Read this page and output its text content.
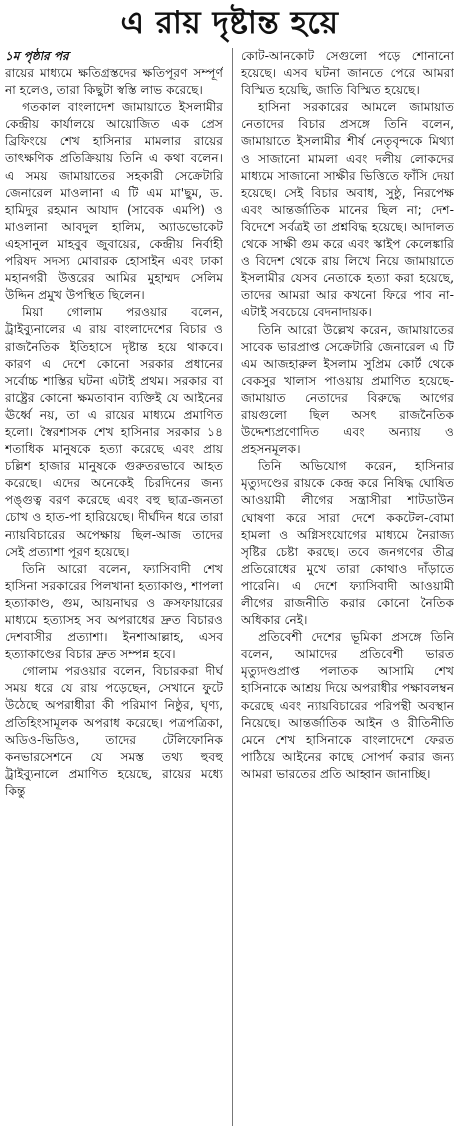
এ রায় দৃষ্টান্ত হয়ে

১ম পৃষ্ঠার পর

রায়ের মাধ্যমে ক্ষতিগ্রস্তদের ক্ষতিপূরণ সম্পূর্ণ না হলেও, তারা কিছুটা স্বস্তি লাভ করেছে।

গতকাল বাংলাদেশ জামায়াতে ইসলামীর কেন্দ্রীয় কার্যালয়ে আয়োজিত এক প্রেস ব্রিফিংয়ে শেখ হাসিনার মামলার রায়ের তাৎক্ষণিক প্রতিক্রিয়ায় তিনি এ কথা বলেন। এ সময় জামায়াতের সহকারী সেক্রেটারি জেনারেল মাওলানা এ টি এম মা'ছুম, ড. হামিদুর রহমান আযাদ (সাবেক এমপি) ও মাওলানা আবদুল হালিম, অ্যাডভোকেট এহসানুল মাহবুব জুবায়ের, কেন্দ্রীয় নির্বাহী পরিষদ সদস্য মোবারক হোসাইন এবং ঢাকা মহানগরী উত্তরের আমির মুহাম্মদ সেলিম উদ্দিন প্রমুখ উপস্থিত ছিলেন।

মিয়া গোলাম পরওয়ার বলেন, ট্রাইব্যুনালের এ রায় বাংলাদেশের বিচার ও রাজনৈতিক ইতিহাসে দৃষ্টান্ত হয়ে থাকবে। কারণ এ দেশে কোনো সরকার প্রধানের সর্বোচ্চ শাস্তির ঘটনা এটাই প্রথম। সরকার বা রাষ্ট্রের কোনো ক্ষমতাবান ব্যক্তিই যে আইনের ঊর্ধ্বে নয়, তা এ রায়ের মাধ্যমে প্রমাণিত হলো। স্বৈরশাসক শেখ হাসিনার সরকার ১৪ শতাধিক মানুষকে হত্যা করেছে এবং প্রায় চল্লিশ হাজার মানুষকে গুরুতরভাবে আহত করেছে। এদের অনেকেই চিরদিনের জন্য পঙ্গুত্ব বরণ করেছে এবং বহু ছাত্র-জনতা চোখ ও হাত-পা হারিয়েছে। দীর্ঘদিন ধরে তারা ন্যায়বিচারের অপেক্ষায় ছিল-আজ তাদের সেই প্রত্যাশা পূরণ হয়েছে।

তিনি আরো বলেন, ফ্যাসিবাদী শেখ হাসিনা সরকারের পিলখানা হত্যাকাণ্ড, শাপলা হত্যাকাণ্ড, গুম, আয়নাঘর ও ক্রসফায়ারের মাধ্যমে হত্যাসহ সব অপরাধের দ্রুত বিচারও দেশবাসীর প্রত্যাশা। ইনশাআল্লাহ, এসব হত্যাকাণ্ডের বিচার দ্রুত সম্পন্ন হবে।

গোলাম পরওয়ার বলেন, বিচারকরা দীর্ঘ সময় ধরে যে রায় পড়েছেন, সেখানে ফুটে উঠেছে অপরাধীরা কী পরিমাণ নিষ্ঠুর, ঘৃণ্য, প্রতিহিংসামূলক অপরাধ করেছে। পত্রপত্রিকা, অডিও-ভিডিও, তাদের টেলিফোনিক কনভারসেশনে যে সমস্ত তথ্য হুবহু ট্রাইব্যুনালে প্রমাণিত হয়েছে, রায়ের মধ্যে কিন্তু

কোট-আনকোট সেগুলো পড়ে শোনানো হয়েছে। এসব ঘটনা জানতে পেরে আমরা বিস্মিত হয়েছি, জাতি বিস্মিত হয়েছে।

হাসিনা সরকারের আমলে জামায়াত নেতাদের বিচার প্রসঙ্গে তিনি বলেন, জামায়াতে ইসলামীর শীর্ষ নেতৃবৃন্দকে মিথ্যা ও সাজানো মামলা এবং দলীয় লোকদের মাধ্যমে সাজানো সাক্ষীর ভিত্তিতে ফাঁসি দেয়া হয়েছে। সেই বিচার অবাধ, সুষ্ঠু, নিরপেক্ষ এবং আন্তর্জাতিক মানের ছিল না; দেশ-বিদেশে সর্বত্রই তা প্রশ্নবিদ্ধ হয়েছে। আদালত থেকে সাক্ষী গুম করে এবং স্কাইপ কেলেঙ্কারি ও বিদেশ থেকে রায় লিখে নিয়ে জামায়াতে ইসলামীর যেসব নেতাকে হত্যা করা হয়েছে, তাদের আমরা আর কখনো ফিরে পাব না-এটাই সবচেয়ে বেদনাদায়ক।

তিনি আরো উল্লেখ করেন, জামায়াতের সাবেক ভারপ্রাপ্ত সেক্রেটারি জেনারেল এ টি এম আজহারুল ইসলাম সুপ্রিম কোর্ট থেকে বেকসুর খালাস পাওয়ায় প্রমাণিত হয়েছে-জামায়াত নেতাদের বিরুদ্ধে আগের রায়গুলো ছিল অসৎ রাজনৈতিক উদ্দেশ্যপ্রণোদিত এবং অন্যায় ও প্রহসনমূলক।

তিনি অভিযোগ করেন, হাসিনার মৃত্যুদণ্ডের রায়কে কেন্দ্র করে নিষিদ্ধ ঘোষিত আওয়ামী লীগের সন্ত্রাসীরা শাটডাউন ঘোষণা করে সারা দেশে ককটেল-বোমা হামলা ও অগ্নিসংযোগের মাধ্যমে নৈরাজ্য সৃষ্টির চেষ্টা করছে। তবে জনগণের তীব্র প্রতিরোধের মুখে তারা কোথাও দাঁড়াতে পারেনি। এ দেশে ফ্যাসিবাদী আওয়ামী লীগের রাজনীতি করার কোনো নৈতিক অধিকার নেই।

প্রতিবেশী দেশের ভূমিকা প্রসঙ্গে তিনি বলেন, আমাদের প্রতিবেশী ভারত মৃত্যুদণ্ডপ্রাপ্ত পলাতক আসামি শেখ হাসিনাকে আশ্রয় দিয়ে অপরাধীর পক্ষাবলম্বন করেছে এবং ন্যায়বিচারের পরিপন্থী অবস্থান নিয়েছে। আন্তর্জাতিক আইন ও রীতিনীতি মেনে শেখ হাসিনাকে বাংলাদেশে ফেরত পাঠিয়ে আইনের কাছে সোপর্দ করার জন্য আমরা ভারতের প্রতি আহ্বান জানাচ্ছি।
